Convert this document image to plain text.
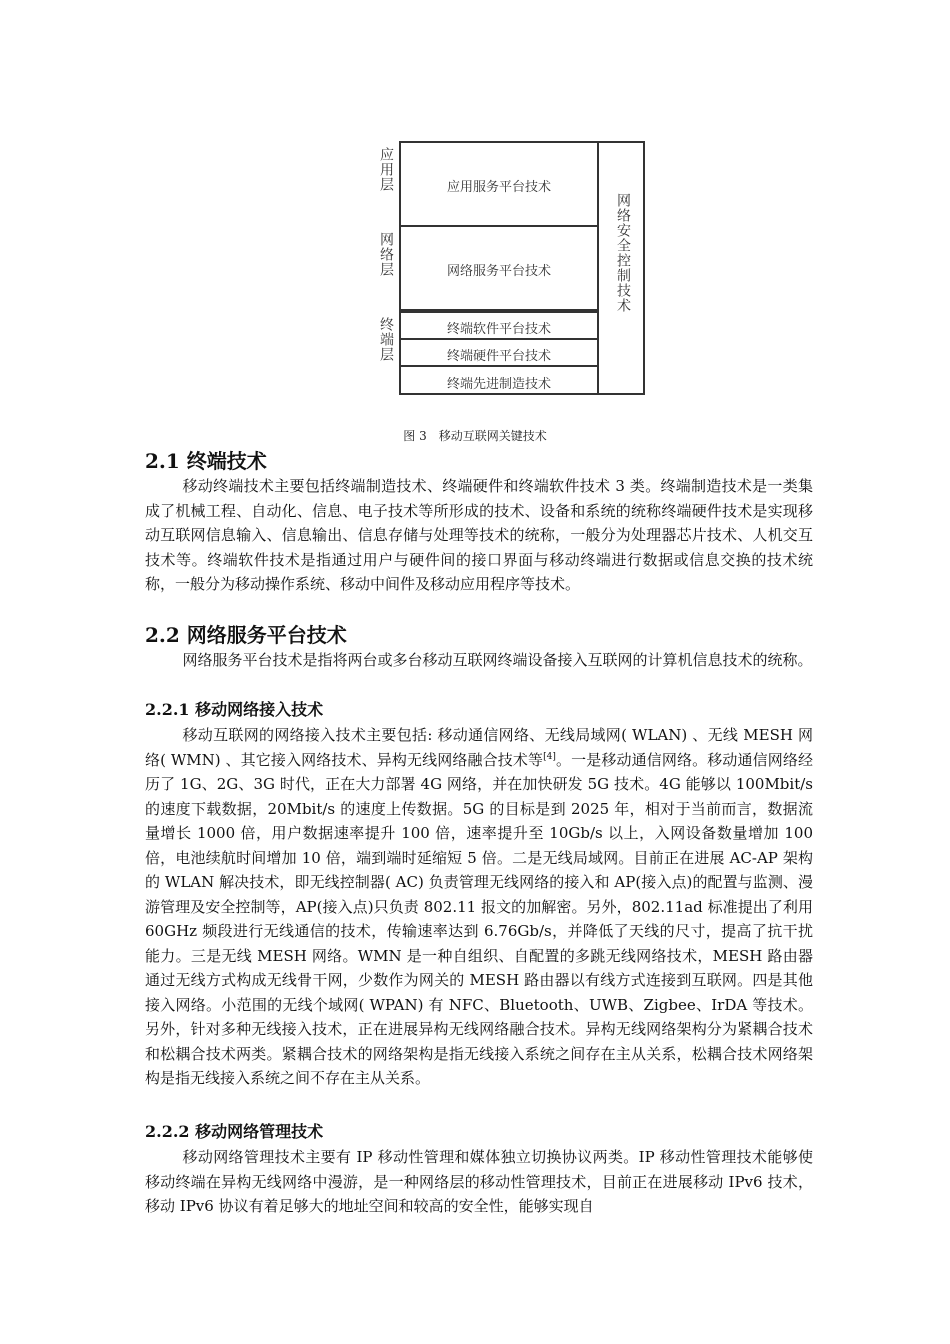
应用层
网络层
终端层
应用服务平台技术
网络服务平台技术
终端软件平台技术
终端硬件平台技术
终端先进制造技术
网络安全控制技术
图 3　移动互联网关键技术
2.1 终端技术

移动终端技术主要包括终端制造技术、终端硬件和终端软件技术 3 类。终端制造技术是一类集成了机械工程、自动化、信息、电子技术等所形成的技术、设备和系统的统称终端硬件技术是实现移动互联网信息输入、信息输出、信息存储与处理等技术的统称，一般分为处理器芯片技术、人机交互技术等。终端软件技术是指通过用户与硬件间的接口界面与移动终端进行数据或信息交换的技术统称，一般分为移动操作系统、移动中间件及移动应用程序等技术。

2.2 网络服务平台技术

网络服务平台技术是指将两台或多台移动互联网终端设备接入互联网的计算机信息技术的统称。

2.2.1 移动网络接入技术

移动互联网的网络接入技术主要包括: 移动通信网络、无线局域网( WLAN) 、无线 MESH 网络( WMN) 、其它接入网络技术、异构无线网络融合技术等[4]。一是移动通信网络。移动通信网络经历了 1G、2G、3G 时代，正在大力部署 4G 网络，并在加快研发 5G 技术。4G 能够以 100Mbit/s 的速度下载数据，20Mbit/s 的速度上传数据。5G 的目标是到 2025 年，相对于当前而言，数据流量增长 1000 倍，用户数据速率提升 100 倍，速率提升至 10Gb/s 以上，入网设备数量增加 100 倍，电池续航时间增加 10 倍，端到端时延缩短 5 倍。二是无线局域网。目前正在进展 AC-AP 架构的 WLAN 解决技术，即无线控制器( AC) 负责管理无线网络的接入和 AP(接入点)的配置与监测、漫游管理及安全控制等，AP(接入点)只负责 802.11 报文的加解密。另外，802.11ad 标准提出了利用 60GHz 频段进行无线通信的技术，传输速率达到 6.76Gb/s，并降低了天线的尺寸，提高了抗干扰能力。三是无线 MESH 网络。WMN 是一种自组织、自配置的多跳无线网络技术，MESH 路由器通过无线方式构成无线骨干网，少数作为网关的 MESH 路由器以有线方式连接到互联网。四是其他接入网络。小范围的无线个域网( WPAN) 有 NFC、Bluetooth、UWB、Zigbee、IrDA 等技术。另外，针对多种无线接入技术，正在进展异构无线网络融合技术。异构无线网络架构分为紧耦合技术和松耦合技术两类。紧耦合技术的网络架构是指无线接入系统之间存在主从关系，松耦合技术网络架构是指无线接入系统之间不存在主从关系。

2.2.2 移动网络管理技术

移动网络管理技术主要有 IP 移动性管理和媒体独立切换协议两类。IP 移动性管理技术能够使移动终端在异构无线网络中漫游，是一种网络层的移动性管理技术，目前正在进展移动 IPv6 技术，移动 IPv6 协议有着足够大的地址空间和较高的安全性，能够实现自
